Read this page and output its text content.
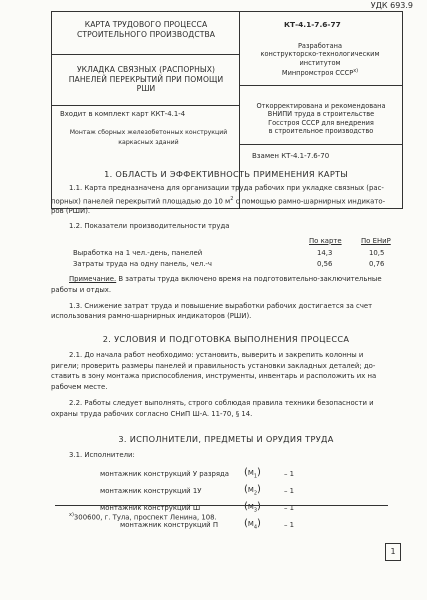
УДК 693.9
КАРТА ТРУДОВОГО ПРОЦЕССА СТРОИТЕЛЬНОГО ПРОИЗВОДСТВА
УКЛАДКА СВЯЗНЫХ (РАСПОРНЫХ) ПАНЕЛЕЙ ПЕРЕКРЫТИЙ ПРИ ПОМОЩИ РШИ
Входит в комплект карт ККТ-4.1-4
Монтаж сборных железобетонных конструкций каркасных зданий
КТ-4.1-7.6-77
Разработана
конструкторско-технологическим
институтом
Минпромстроя СССР$^{x)}$
Откорректирована и рекомендована
ВНИПИ труда в строительстве
Госстроя СССР для внедрения
в строительное производство
Взамен КТ-4.1-7.6-70
1. ОБЛАСТЬ И ЭФФЕКТИВНОСТЬ ПРИМЕНЕНИЯ КАРТЫ
1.1. Карта предназначена для организации труда рабочих при укладке связных (рас-
порных) панелей перекрытий площадью до 10 $м^2$ с помощью рамно-шарнирных индикато-
ров (РШИ).
1.2. Показатели производительности труда
По карте	По ЕНиР
Выработка на 1 чел.-день, панелей	14,3	10,5
Затраты труда на одну панель, чел.-ч	0,56	0,76
Примечание. В затраты труда включено время на подготовительно-заключительные
работы и отдых.
1.3. Снижение затрат труда и повышение выработки рабочих достигается за счет
использования рамно-шарнирных индикаторов (РШИ).
2. УСЛОВИЯ И ПОДГОТОВКА ВЫПОЛНЕНИЯ ПРОЦЕССА
2.1. До начала работ необходимо: установить, выверить и закрепить колонны и
ригели; проверить размеры панелей и правильность установки закладных деталей; до-
ставить в зону монтажа приспособления, инструменты, инвентарь и расположить их на
рабочем месте.
2.2. Работы следует выполнять, строго соблюдая правила техники безопасности и
охраны труда рабочих согласно СНиП Ш-А. 11-70, § 14.
3. ИСПОЛНИТЕЛИ, ПРЕДМЕТЫ И ОРУДИЯ ТРУДА
3.1. Исполнители:
монтажник конструкций У разряда	$(М_1)$	– 1
монтажник конструкций 1У	$(М_2)$	– 1
монтажник конструкций Ш	$(М_3)$	– 1
монтажник конструкций П	$(М_4)$	– 1
$^{x)}$300600, г. Тула, проспект Ленина, 108.
1
